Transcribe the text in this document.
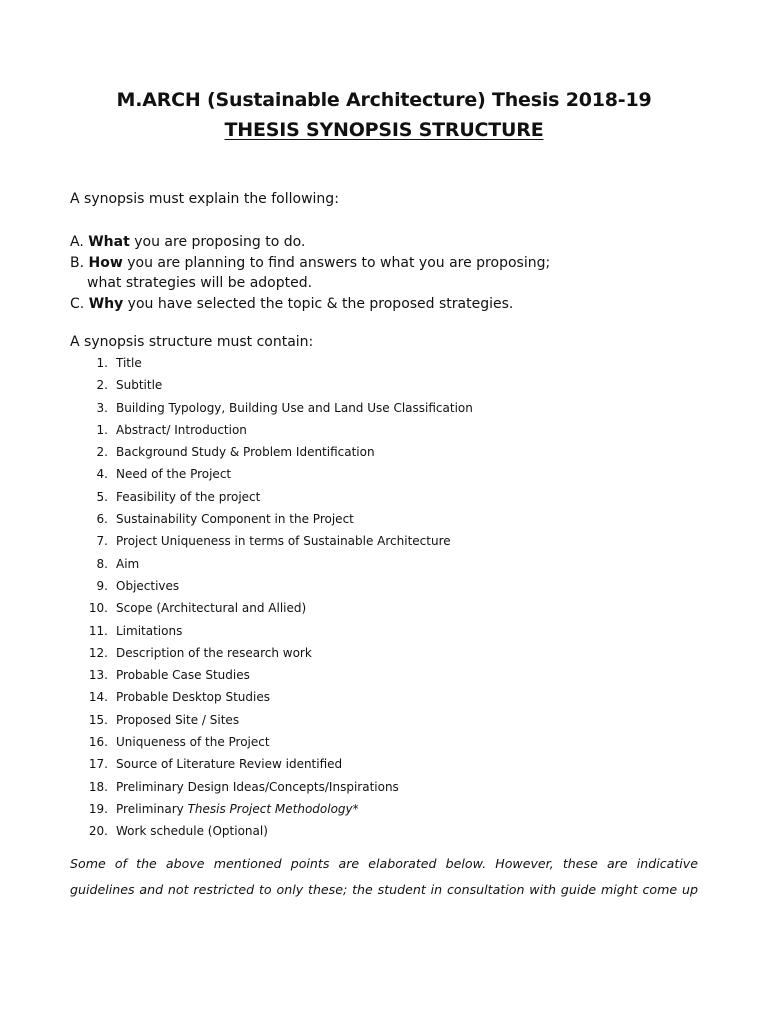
M.ARCH (Sustainable Architecture) Thesis 2018-19
THESIS SYNOPSIS STRUCTURE
A synopsis must explain the following:
A. What you are proposing to do.
B. How you are planning to find answers to what you are proposing;
what strategies will be adopted.
C. Why you have selected the topic & the proposed strategies.
A synopsis structure must contain:
1. Title
2. Subtitle
3. Building Typology, Building Use and Land Use Classification
1. Abstract/ Introduction
2. Background Study & Problem Identification
4. Need of the Project
5. Feasibility of the project
6. Sustainability Component in the Project
7. Project Uniqueness in terms of Sustainable Architecture
8. Aim
9. Objectives
10. Scope (Architectural and Allied)
11. Limitations
12. Description of the research work
13. Probable Case Studies
14. Probable Desktop Studies
15. Proposed Site / Sites
16. Uniqueness of the Project
17. Source of Literature Review identified
18. Preliminary Design Ideas/Concepts/Inspirations
19. Preliminary Thesis Project Methodology*
20. Work schedule (Optional)
Some of the above mentioned points are elaborated below. However, these are indicative
guidelines and not restricted to only these; the student in consultation with guide might come up
